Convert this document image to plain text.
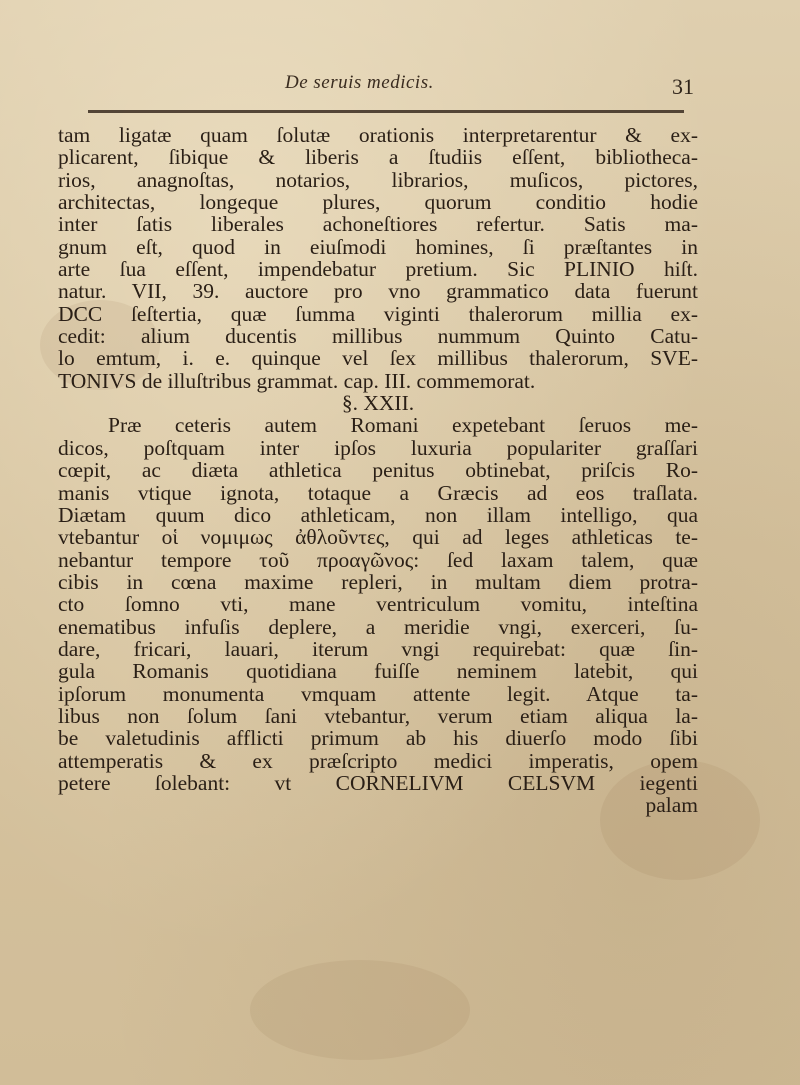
De seruis medicis.	31
tam ligatæ quam ſolutæ orationis interpretarentur & ex-
plicarent, ſibique & liberis a ſtudiis eſſent, bibliotheca-
rios, anagnoſtas, notarios, librarios, muſicos, pictores,
architectas, longeque plures, quorum conditio hodie
inter ſatis liberales achoneſtiores refertur. Satis ma-
gnum eſt, quod in eiuſmodi homines, ſi præſtantes in
arte ſua eſſent, impendebatur pretium. Sic PLINIO hiſt.
natur. VII, 39. auctore pro vno grammatico data fuerunt
DCC ſeſtertia, quæ ſumma viginti thalerorum millia ex-
cedit: alium ducentis millibus nummum Quinto Catu-
lo emtum, i. e. quinque vel ſex millibus thalerorum, SVE-
TONIVS de illuſtribus grammat. cap. III. commemorat.
§. XXII.
Præ ceteris autem Romani expetebant ſeruos me-
dicos, poſtquam inter ipſos luxuria populariter graſſari
cœpit, ac diæta athletica penitus obtinebat, priſcis Ro-
manis vtique ignota, totaque a Græcis ad eos traſlata.
Diætam quum dico athleticam, non illam intelligo, qua
vtebantur οἱ νομιμως ἀθλοῦντες, qui ad leges athleticas te-
nebantur tempore τοῦ προαγῶνος: ſed laxam talem, quæ
cibis in cœna maxime repleri, in multam diem protra-
cto ſomno vti, mane ventriculum vomitu, inteſtina
enematibus infuſis deplere, a meridie vngi, exerceri, ſu-
dare, fricari, lauari, iterum vngi requirebat: quæ ſin-
gula Romanis quotidiana fuiſſe neminem latebit, qui
ipſorum monumenta vmquam attente legit. Atque ta-
libus non ſolum ſani vtebantur, verum etiam aliqua la-
be valetudinis afflicti primum ab his diuerſo modo ſibi
attemperatis & ex præſcripto medici imperatis, opem
petere ſolebant: vt CORNELIVM CELSVM iegenti
palam
